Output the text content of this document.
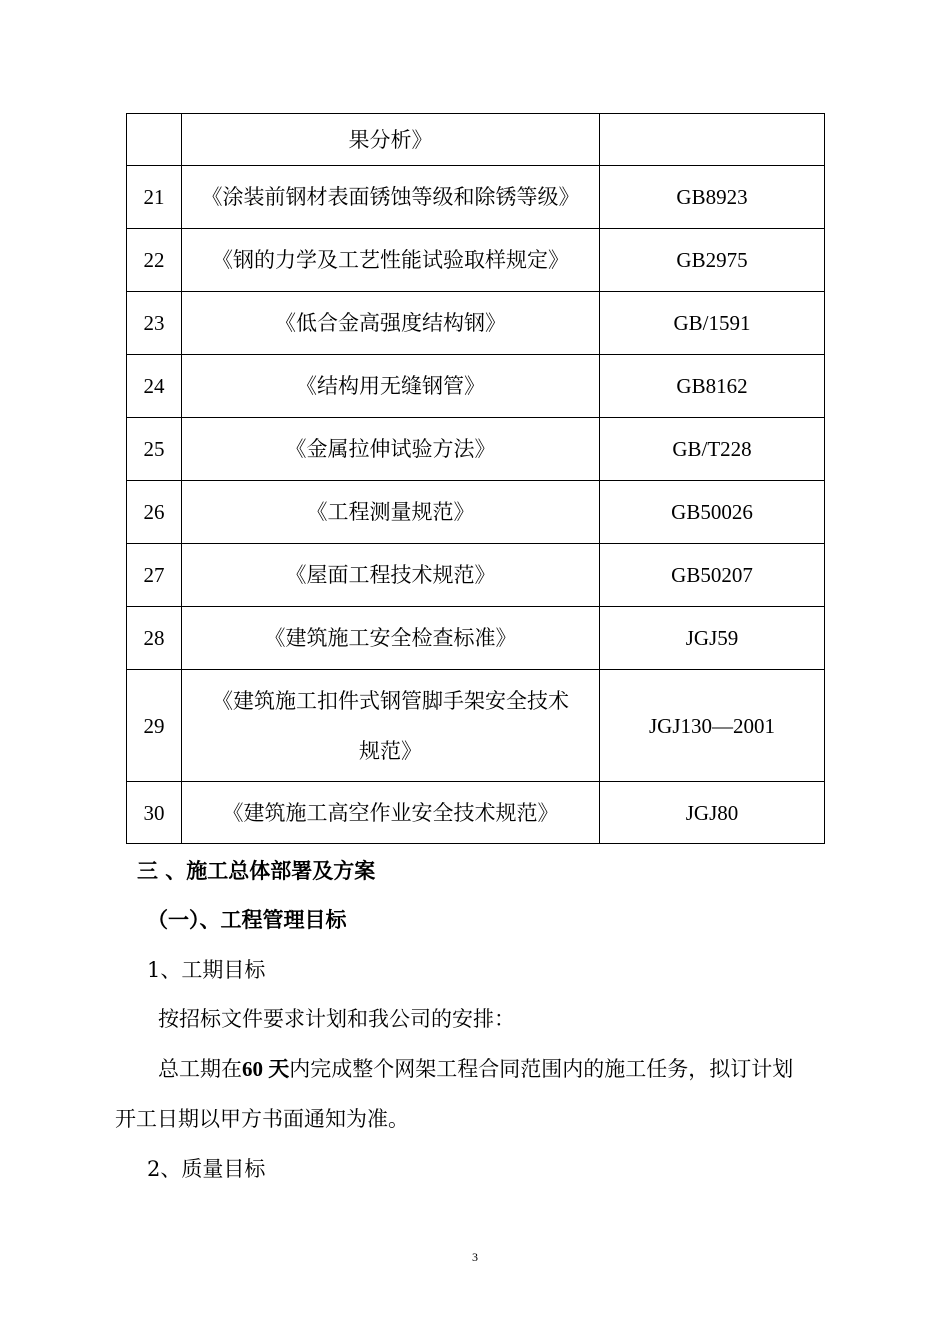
	果分析》	
21	《涂装前钢材表面锈蚀等级和除锈等级》	GB8923
22	《钢的力学及工艺性能试验取样规定》	GB2975
23	《低合金高强度结构钢》	GB/1591
24	《结构用无缝钢管》	GB8162
25	《金属拉伸试验方法》	GB/T228
26	《工程测量规范》	GB50026
27	《屋面工程技术规范》	GB50207
28	《建筑施工安全检查标准》	JGJ59
29	《建筑施工扣件式钢管脚手架安全技术
规范》	JGJ130—2001
30	《建筑施工高空作业安全技术规范》	JGJ80
三 、施工总体部署及方案
（一）、工程管理目标
1、工期目标
按招标文件要求计划和我公司的安排：
总工期在60 天内完成整个网架工程合同范围内的施工任务，拟订计划
开工日期以甲方书面通知为准。
2、质量目标
3
